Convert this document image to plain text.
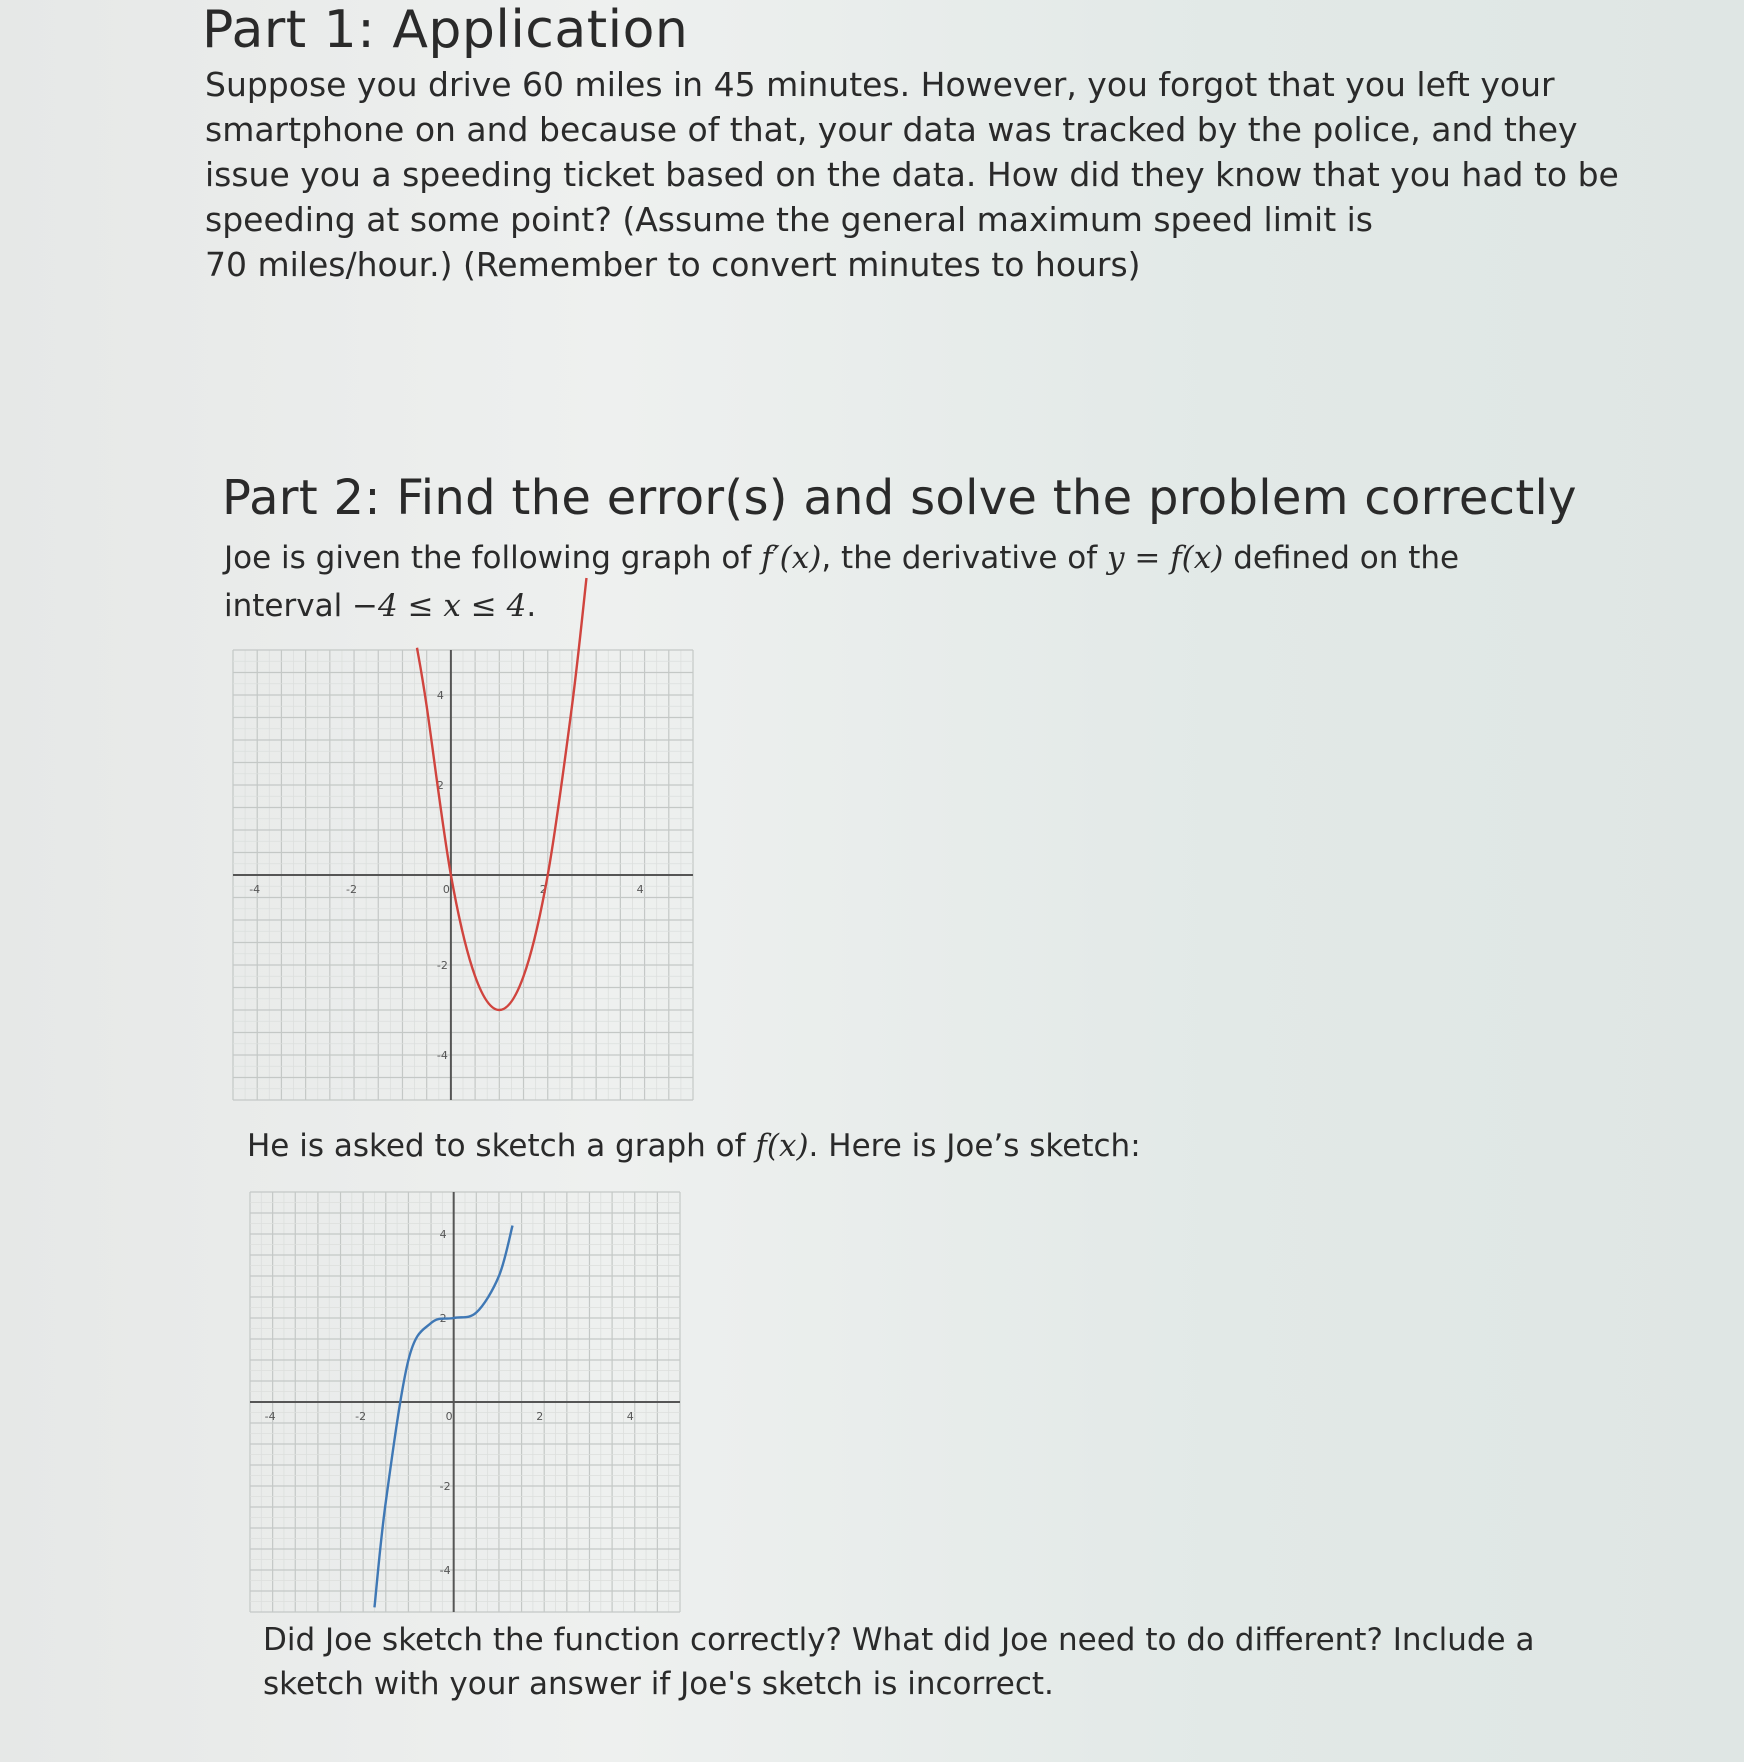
Part 1: Application
Suppose you drive 60 miles in 45 minutes. However, you forgot that you left your
smartphone on and because of that, your data was tracked by the police, and they
issue you a speeding ticket based on the data. How did they know that you had to be
speeding at some point? (Assume the general maximum speed limit is
70 miles/hour.) (Remember to convert minutes to hours)
Part 2: Find the error(s) and solve the problem correctly
Joe is given the following graph of f′(x), the derivative of y = f(x) defined on the
interval −4 ≤ x ≤ 4.
-4	-2	0	2	4
4
2
-2
-4
He is asked to sketch a graph of f(x). Here is Joe’s sketch:
-4	-2	0	2	4
4
2
-2
-4
Did Joe sketch the function correctly? What did Joe need to do different? Include a
sketch with your answer if Joe's sketch is incorrect.
